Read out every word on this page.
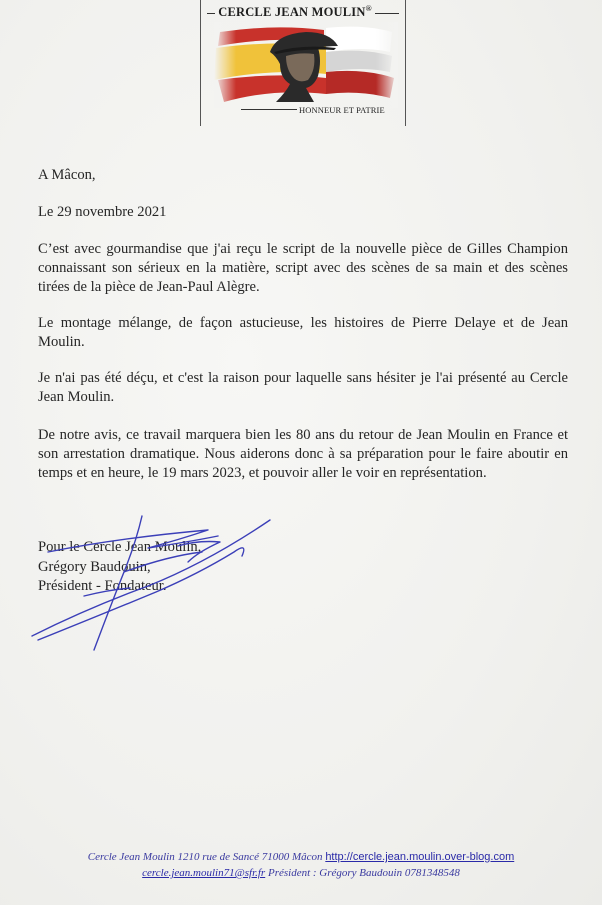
CERCLE JEAN MOULIN®
HONNEUR ET PATRIE
A Mâcon,
Le 29 novembre 2021
C’est avec gourmandise que j'ai reçu le script de la nouvelle pièce de Gilles Champion connaissant son sérieux en la matière, script avec des scènes de sa main et des scènes tirées de la pièce de Jean-Paul Alègre.
Le montage mélange, de façon astucieuse, les histoires de Pierre Delaye et de Jean Moulin.
Je n'ai pas été déçu, et c'est la raison pour laquelle sans hésiter je l'ai présenté au Cercle Jean Moulin.
De notre avis, ce travail marquera bien les 80 ans du retour de Jean Moulin en France et son arrestation dramatique. Nous aiderons donc à sa préparation pour le faire aboutir en temps et en heure, le 19 mars 2023, et pouvoir aller le voir en représentation.
Pour le Cercle Jean Moulin,
Grégory Baudouin,
Président - Fondateur.
Cercle Jean Moulin 1210 rue de Sancé 71000 Mâcon http://cercle.jean.moulin.over-blog.com
cercle.jean.moulin71@sfr.fr Président : Grégory Baudouin 0781348548
